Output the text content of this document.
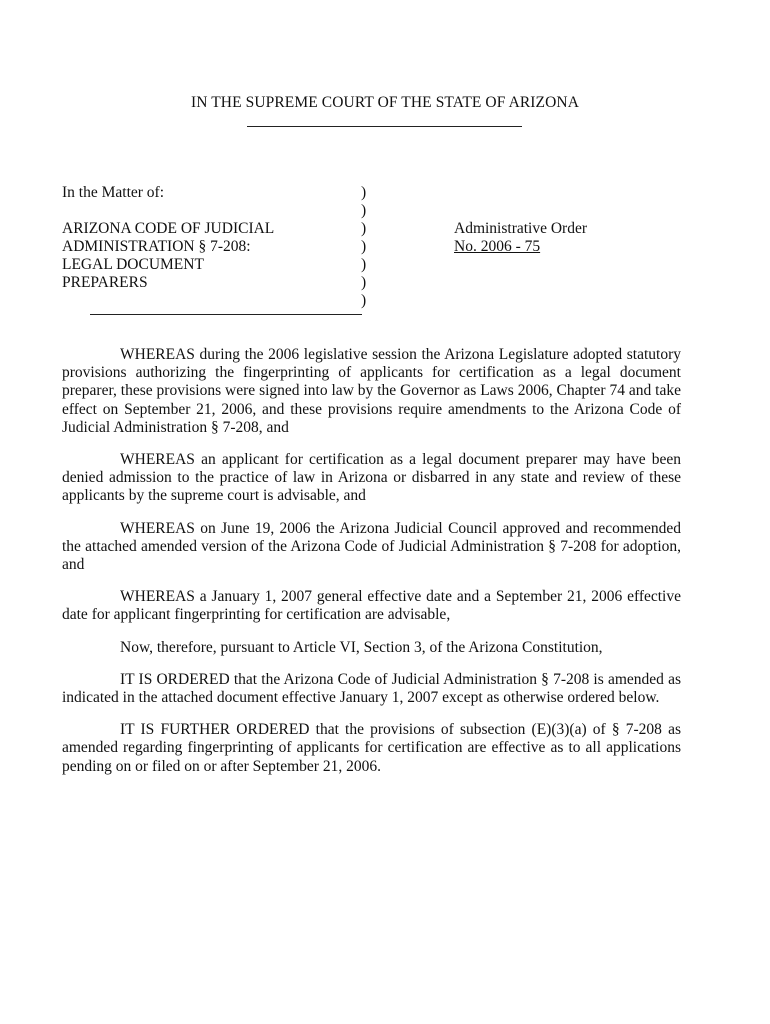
IN THE SUPREME COURT OF THE STATE OF ARIZONA
In the Matter of:
ARIZONA CODE OF JUDICIAL
ADMINISTRATION § 7-208:
LEGAL DOCUMENT
PREPARERS
)
)
)
)
)
)
)
Administrative Order
No. 2006 - 75

WHEREAS during the 2006 legislative session the Arizona Legislature adopted statutory provisions authorizing the fingerprinting of applicants for certification as a legal document preparer, these provisions were signed into law by the Governor as Laws 2006, Chapter 74 and take effect on September 21, 2006, and these provisions require amendments to the Arizona Code of Judicial Administration § 7-208, and

WHEREAS an applicant for certification as a legal document preparer may have been denied admission to the practice of law in Arizona or disbarred in any state and review of these applicants by the supreme court is advisable, and

WHEREAS on June 19, 2006 the Arizona Judicial Council approved and recommended the attached amended version of the Arizona Code of Judicial Administration § 7-208 for adoption, and

WHEREAS a January 1, 2007 general effective date and a September 21, 2006 effective date for applicant fingerprinting for certification are advisable,

Now, therefore, pursuant to Article VI, Section 3, of the Arizona Constitution,

IT IS ORDERED that the Arizona Code of Judicial Administration § 7-208 is amended as indicated in the attached document effective January 1, 2007 except as otherwise ordered below.

IT IS FURTHER ORDERED that the provisions of subsection (E)(3)(a) of § 7-208 as amended regarding fingerprinting of applicants for certification are effective as to all applications pending on or filed on or after September 21, 2006.
